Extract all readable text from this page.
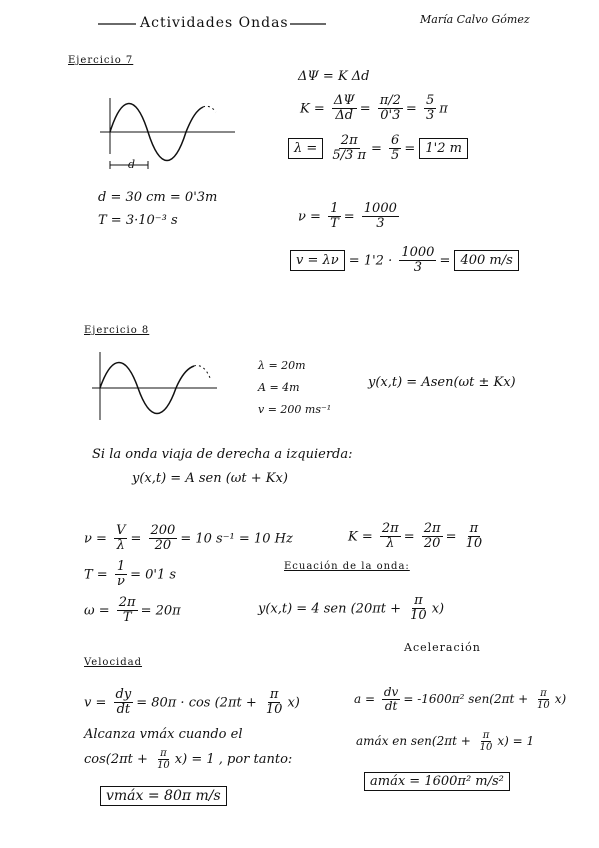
Actividades Ondas	María Calvo Gómez
Ejercicio 7
d
d = 30 cm = 0'3m
T = 3·10⁻³ s
ΔΨ = K Δd
$K = \frac{\Delta\Psi}{\Delta d} = \frac{\pi/2}{0'3} = \frac{5}{3}$ π
$\lambda = \frac{2\pi}{5/3 \pi} = \frac{6}{5} = 1'2$ m
$\nu = \frac{1}{T} = \frac{1000}{3}$
$v = \lambda\nu = 1'2 \cdot \frac{1000}{3} = 400$ m/s
Ejercicio 8
λ = 20m
A = 4m
v = 200 ms⁻¹
y(x,t) = Asen(ωt ± Kx)
Si la onda viaja de derecha a izquierda:
y(x,t) = A sen (ωt + Kx)
$\nu = \frac{V}{\lambda} = \frac{200}{20} = 10$ s⁻¹ = 10 Hz	$K = \frac{2\pi}{\lambda} = \frac{2\pi}{20} = \frac{\pi}{10}$
$T = \frac{1}{\nu} = 0'1$ s
Ecuación de la onda:
$\omega = \frac{2\pi}{T} = 20\pi$	y(x,t) = 4 sen $(20\pi t + \frac{\pi}{10} x)$
Velocidad
$v = \frac{dy}{dt} = 80\pi \cdot \cos (2\pi t + \frac{\pi}{10} x)$
Alcanza vmáx cuando el
$\cos(2\pi t + \frac{\pi}{10} x) = 1$ , por tanto:
vmáx = 80π m/s
Aceleración
$a = \frac{dv}{dt} = -1600\pi^2$ $sen(2\pi t + \frac{\pi}{10} x)$
amáx en $sen(2\pi t + \frac{\pi}{10} x) = 1$
amáx = 1600π² m/s²
